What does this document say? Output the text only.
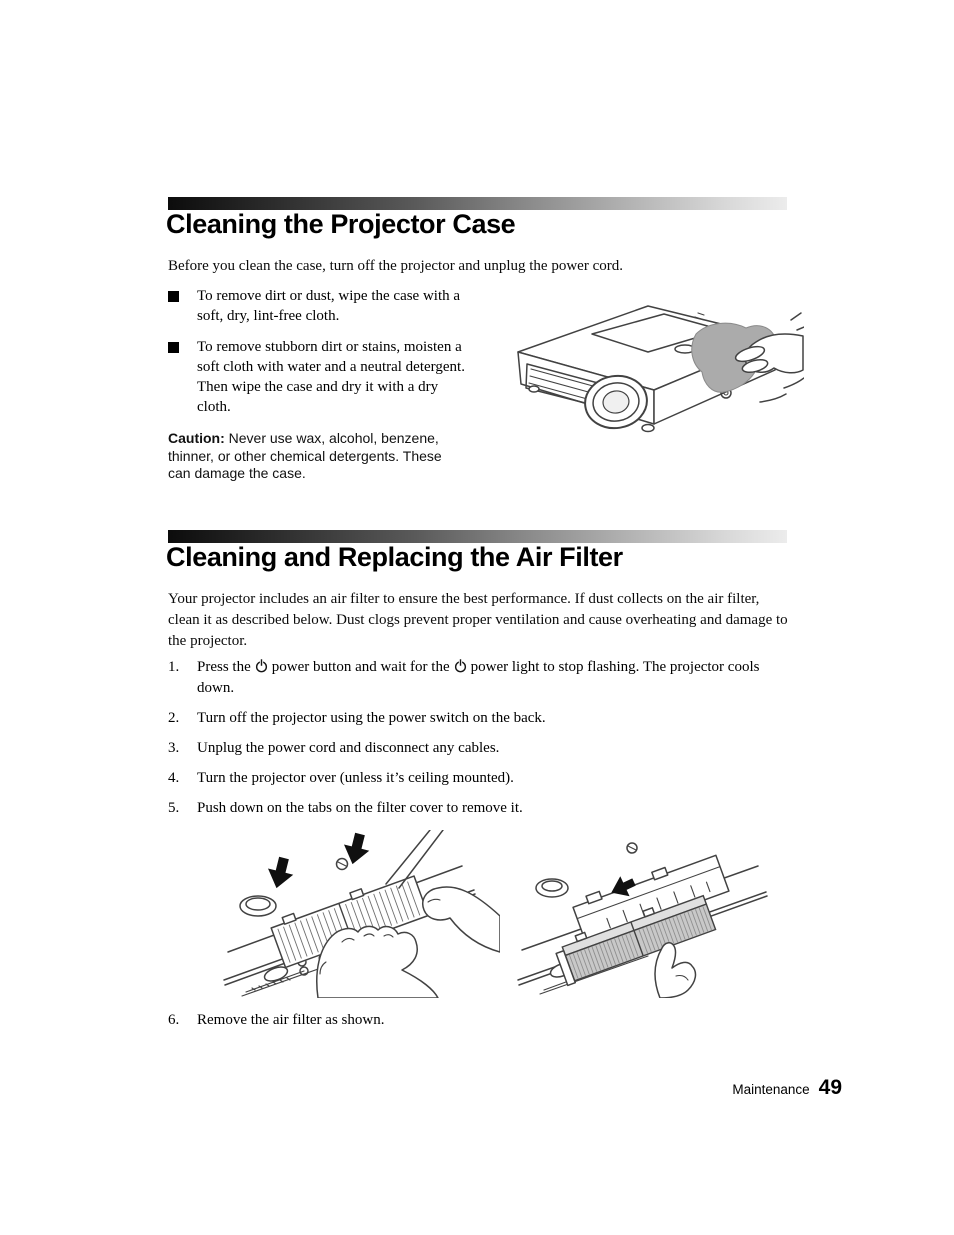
Cleaning the Projector Case

Before you clean the case, turn off the projector and unplug the power cord.

To remove dirt or dust, wipe the case with a soft, dry, lint-free cloth.
To remove stubborn dirt or stains, moisten a soft cloth with water and a neutral detergent. Then wipe the case and dry it with a dry cloth.

Caution: Never use wax, alcohol, benzene, thinner, or other chemical detergents. These can damage the case.

Cleaning and Replacing the Air Filter

Your projector includes an air filter to ensure the best performance. If dust collects on the air filter, clean it as described below. Dust clogs prevent proper ventilation and cause overheating and damage to the projector.

1.	Press the power button and wait for the power light to stop flashing. The projector cools down.
2.	Turn off the projector using the power switch on the back.
3.	Unplug the power cord and disconnect any cables.
4.	Turn the projector over (unless it’s ceiling mounted).
5.	Push down on the tabs on the filter cover to remove it.
6.	Remove the air filter as shown.
Maintenance 49
